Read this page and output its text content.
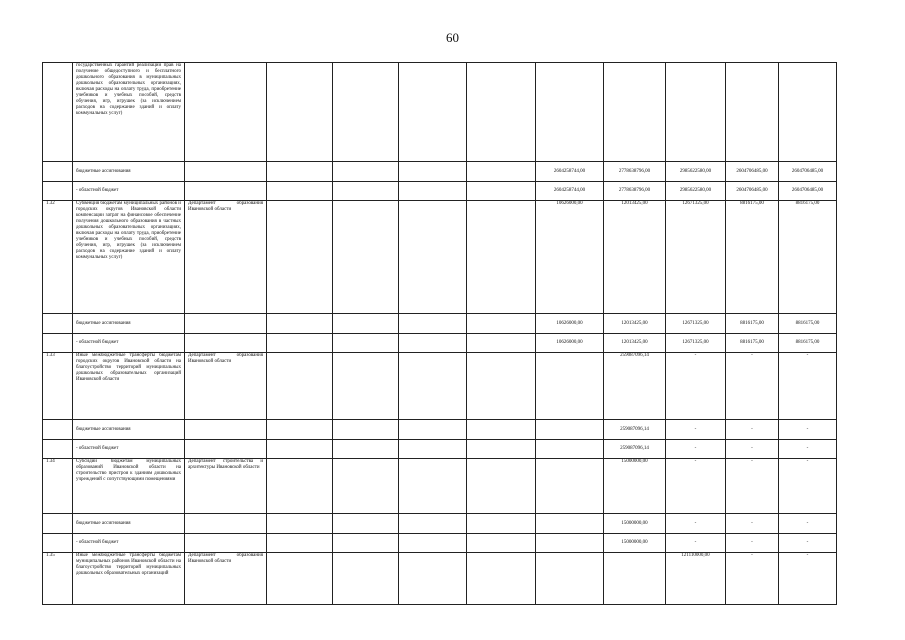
60
	государственных гарантий реализации прав на получение общедоступного и бесплатного дошкольного образования в муниципальных дошкольных образовательных организациях, включая расходы на оплату труда, приобретение учебников и учебных пособий, средств обучения, игр, игрушек (за исключением расходов на содержание зданий и оплату коммунальных услуг)										
	бюджетные ассигнования						2604258744,00	2778638796,00	2985622580,00	2604706485,00	2604706485,00
	- областной бюджет						2604258744,00	2778638796,00	2985622580,00	2604706485,00	2604706485,00
1.32	Субвенция бюджетам муниципальных районов и городских округов Ивановской области компенсации затрат на финансовое обеспечение получения дошкольного образования в частных дошкольных образовательных организациях, включая расходы на оплату труда, приобретение учебников и учебных пособий, средств обучения, игр, игрушек (за исключением расходов на содержание зданий и оплату коммунальных услуг)	Департамент образования Ивановской области					10626000,00	12013425,00	12671325,00	8816175,00	8816175,00
	бюджетные ассигнования						10626000,00	12013425,00	12671325,00	8816175,00	8816175,00
	- областной бюджет						10626000,00	12013425,00	12671325,00	8816175,00	8816175,00
1.33	Иные межбюджетные трансферты бюджетам городских округов Ивановской области на благоустройство территорий муниципальных дошкольных образовательных организаций Ивановской области	Департамент образования Ивановской области						259087096,14	-	-	-
	бюджетные ассигнования							259087096,14	-	-	-
	- областной бюджет							259087096,14	-	-	-
1.34	Субсидии бюджетам муниципальных образований Ивановской области на строительство пристроя к зданиям дошкольных учреждений с сопутствующими помещениями	Департамент строительства и архитектуры Ивановской области						15000000,00	-	-	-
	бюджетные ассигнования							15000000,00	-	-	-
	- областной бюджет							15000000,00	-	-	-
1.35	Иные межбюджетные трансферты бюджетам муниципальных районов Ивановской области на благоустройство территорий муниципальных дошкольных образовательных организаций	Департамент образования Ивановской области							121110000,00	-	-
